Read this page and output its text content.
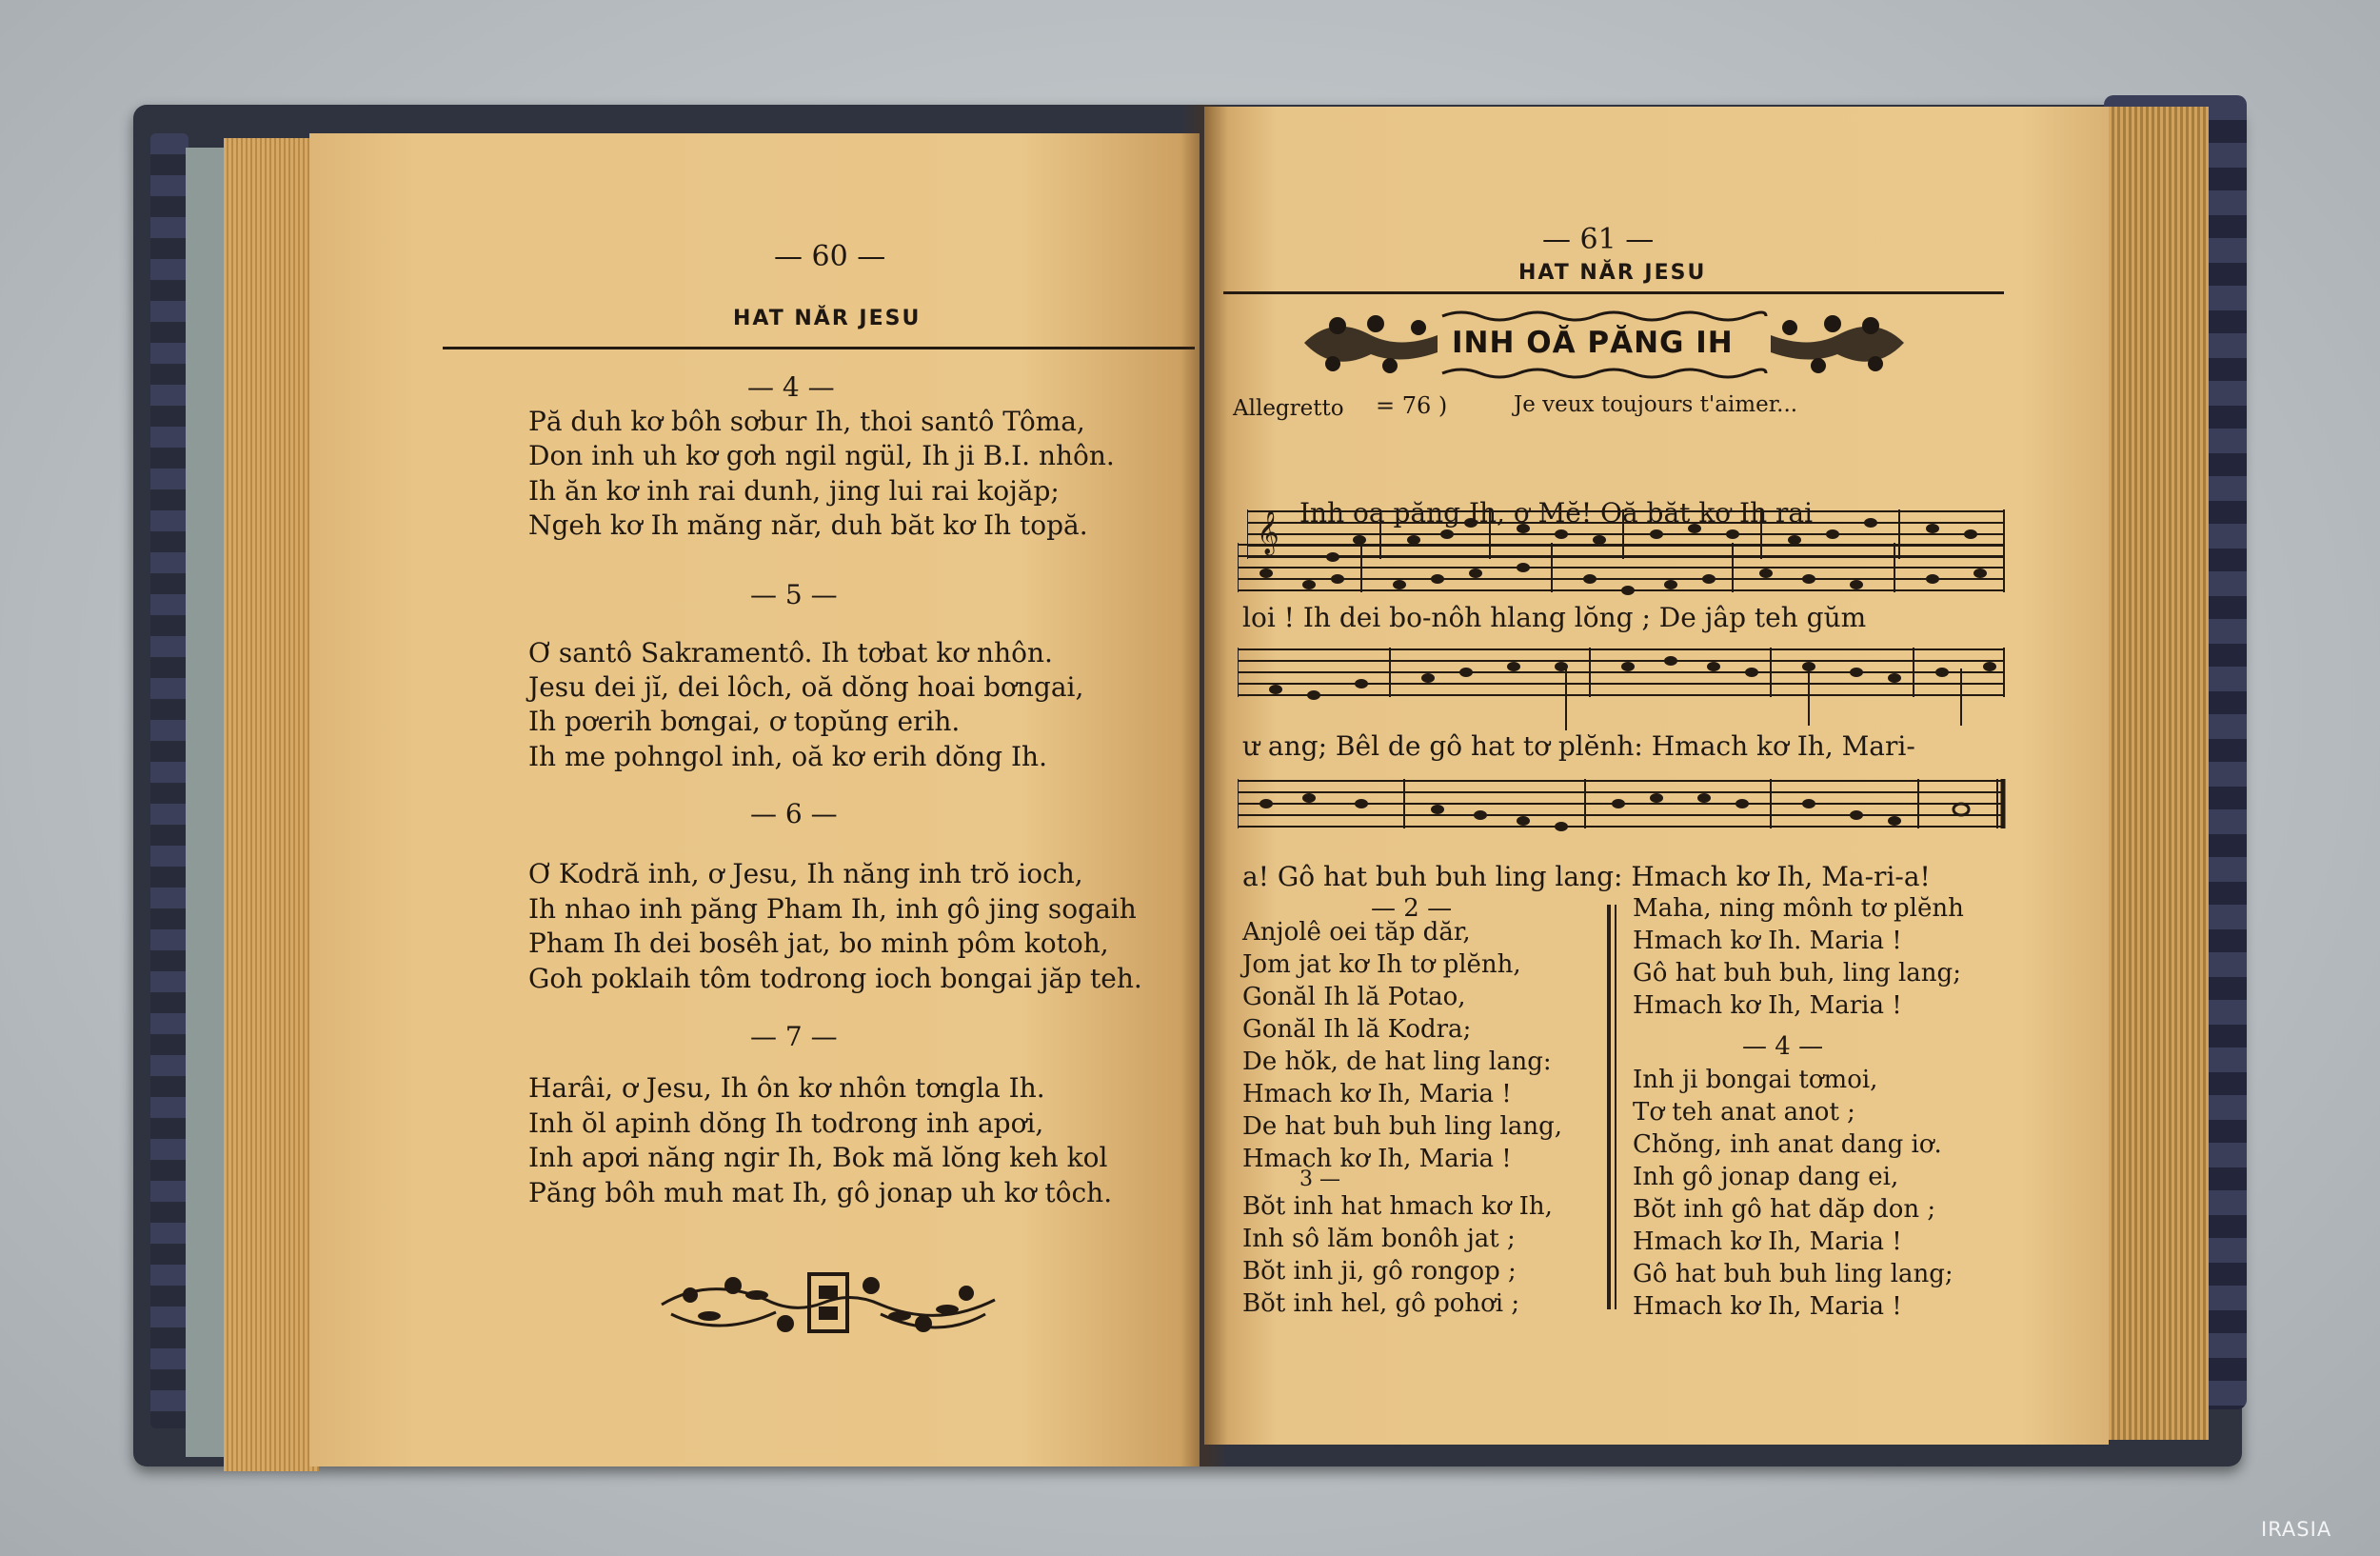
— 60 —
HAT NĂR JESU
— 4 —
Pă duh kơ bôh sơbur Ih, thoi santô Tôma,
Don inh uh kơ gơh ngil ngül, Ih ji B.I. nhôn.
Ih ăn kơ inh rai dunh, jing lui rai kojăp;
Ngeh kơ Ih măng năr, duh băt kơ Ih topă.
— 5 —
Ơ santô Sakramentô. Ih tơbat kơ nhôn.
Jesu dei jĭ, dei lôch, oă dŏng hoai bơngai,
Ih pơerih bơngai, ơ topŭng erih.
Ih me pohngol inh, oă kơ erih dŏng Ih.
— 6 —
Ơ Kodră inh, ơ Jesu, Ih năng inh trŏ ioch,
Ih nhao inh păng Pham Ih, inh gô jing sogaih
Pham Ih dei bosêh jat, bo minh pôm kotoh,
Goh poklaih tôm todrong ioch bongai jăp teh.
— 7 —
Harâi, ơ Jesu, Ih ôn kơ nhôn tơngla Ih.
Inh ŏl apinh dŏng Ih todrong inh apơi,
Inh apơi năng ngir Ih, Bok mă lŏng keh kol
Păng bôh muh mat Ih, gô jonap uh kơ tôch.
— 61 —
HAT NĂR JESU
Allegretto = 76 )	Je veux toujours t'aimer...
𝄞 Inh oa păng Ih, ơ Mĕ! Oă băt kơ Ih rai
loi ! Ih dei bo-nôh hlang lŏng ; De jâp teh gŭm
ư ang; Bêl de gô hat tơ plĕnh: Hmach kơ Ih, Mari-
a! Gô hat buh buh ling lang: Hmach kơ Ih, Ma-ri-a!
— 2 —
Anjolê oei tăp dăr,
Jom jat kơ Ih tơ plĕnh,
Gonăl Ih lă Potao,
Gonăl Ih lă Kodra;
De hŏk, de hat ling lang:
Hmach kơ Ih, Maria !
De hat buh buh ling lang,
Hmach kơ Ih, Maria !
3 —
Bŏt inh hat hmach kơ Ih,
Inh sô lăm bonôh jat ;
Bŏt inh ji, gô rongop ;
Bŏt inh hel, gô pohơi ;
Maha, ning mônh tơ plĕnh
Hmach kơ Ih. Maria !
Gô hat buh buh, ling lang;
Hmach kơ Ih, Maria !
— 4 —
Inh ji bongai tơmoi,
Tơ teh anat anot ;
Chŏng, inh anat dang iơ.
Inh gô jonap dang ei,
Bŏt inh gô hat dăp don ;
Hmach kơ Ih, Maria !
Gô hat buh buh ling lang;
Hmach kơ Ih, Maria !
INH OĂ PĂNG IH
IRASIA
